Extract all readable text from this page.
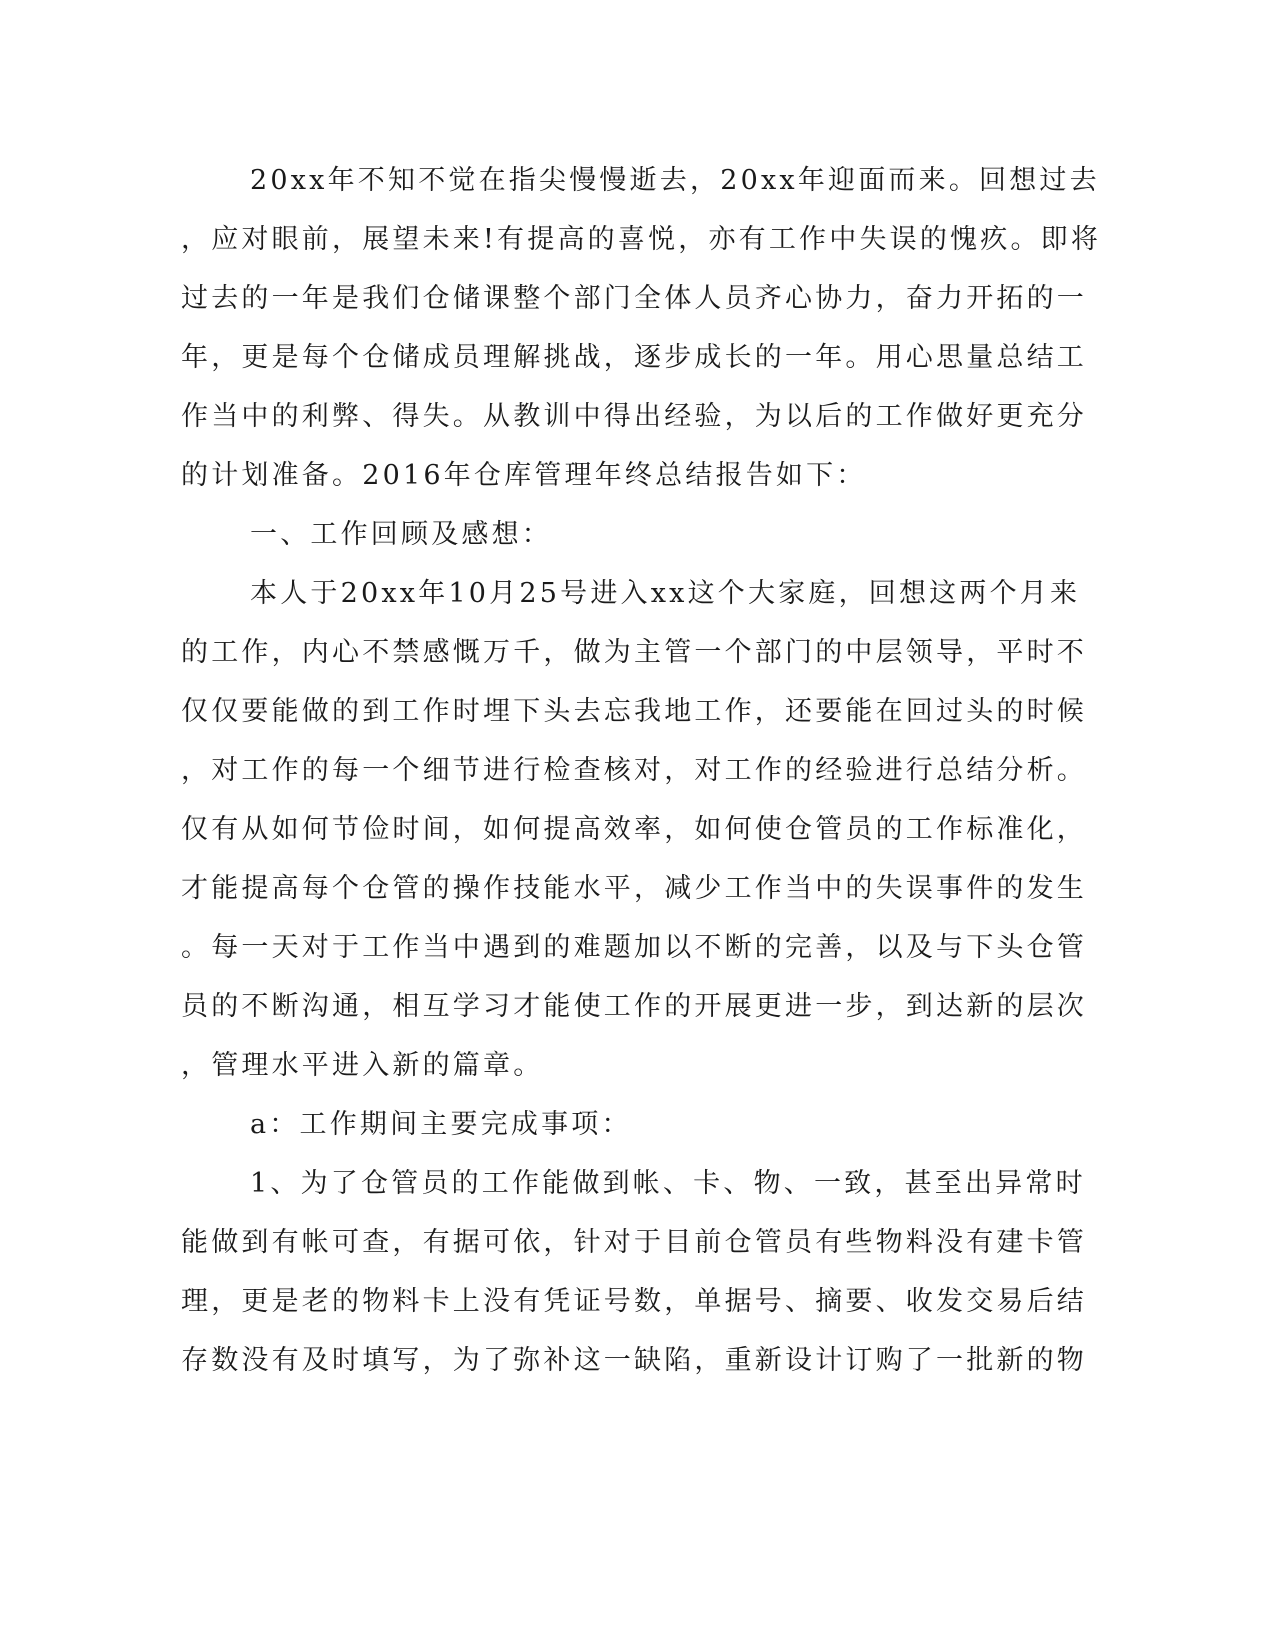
20xx年不知不觉在指尖慢慢逝去，20xx年迎面而来。回想过去
，应对眼前，展望未来!有提高的喜悦，亦有工作中失误的愧疚。即将
过去的一年是我们仓储课整个部门全体人员齐心协力，奋力开拓的一
年，更是每个仓储成员理解挑战，逐步成长的一年。用心思量总结工
作当中的利弊、得失。从教训中得出经验，为以后的工作做好更充分
的计划准备。2016年仓库管理年终总结报告如下：
一、工作回顾及感想：
本人于20xx年10月25号进入xx这个大家庭，回想这两个月来
的工作，内心不禁感慨万千，做为主管一个部门的中层领导，平时不
仅仅要能做的到工作时埋下头去忘我地工作，还要能在回过头的时候
，对工作的每一个细节进行检查核对，对工作的经验进行总结分析。
仅有从如何节俭时间，如何提高效率，如何使仓管员的工作标准化，
才能提高每个仓管的操作技能水平，减少工作当中的失误事件的发生
。每一天对于工作当中遇到的难题加以不断的完善，以及与下头仓管
员的不断沟通，相互学习才能使工作的开展更进一步，到达新的层次
，管理水平进入新的篇章。
a：工作期间主要完成事项：
1、为了仓管员的工作能做到帐、卡、物、一致，甚至出异常时
能做到有帐可查，有据可依，针对于目前仓管员有些物料没有建卡管
理，更是老的物料卡上没有凭证号数，单据号、摘要、收发交易后结
存数没有及时填写，为了弥补这一缺陷，重新设计订购了一批新的物
